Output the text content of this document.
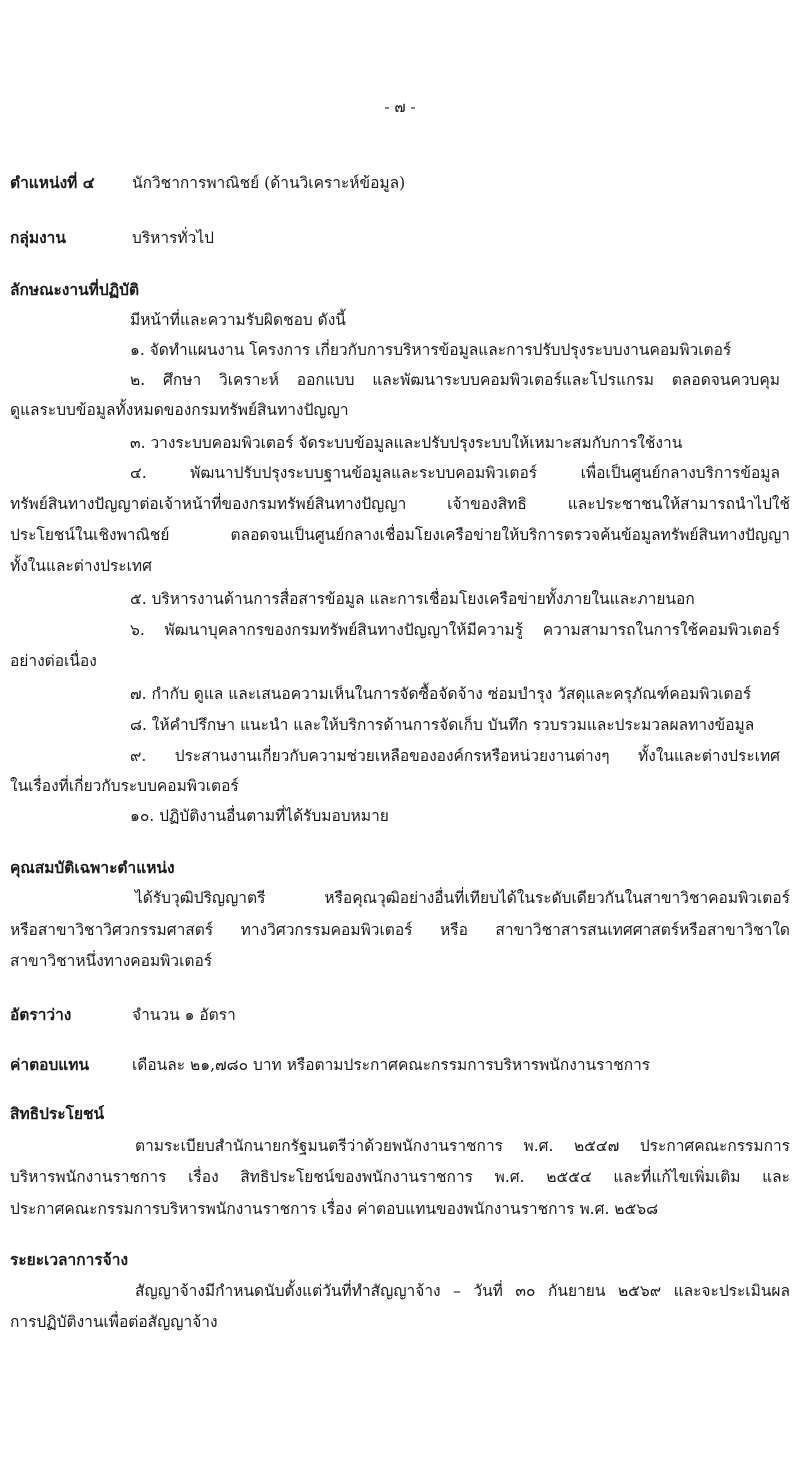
- ๗ -
ตำแหน่งที่ ๔ นักวิชาการพาณิชย์ (ด้านวิเคราะห์ข้อมูล)
กลุ่มงาน	บริหารทั่วไป
ลักษณะงานที่ปฏิบัติ
มีหน้าที่และความรับผิดชอบ ดังนี้
๑. จัดทำแผนงาน โครงการ เกี่ยวกับการบริหารข้อมูลและการปรับปรุงระบบงานคอมพิวเตอร์
๒. ศึกษา วิเคราะห์ ออกแบบ และพัฒนาระบบคอมพิวเตอร์และโปรแกรม ตลอดจนควบคุม
ดูแลระบบข้อมูลทั้งหมดของกรมทรัพย์สินทางปัญญา
๓. วางระบบคอมพิวเตอร์ จัดระบบข้อมูลและปรับปรุงระบบให้เหมาะสมกับการใช้งาน
๔. พัฒนาปรับปรุงระบบฐานข้อมูลและระบบคอมพิวเตอร์ เพื่อเป็นศูนย์กลางบริการข้อมูล
ทรัพย์สินทางปัญญาต่อเจ้าหน้าที่ของกรมทรัพย์สินทางปัญญา เจ้าของสิทธิ และประชาชนให้สามารถนำไปใช้
ประโยชน์ในเชิงพาณิชย์ ตลอดจนเป็นศูนย์กลางเชื่อมโยงเครือข่ายให้บริการตรวจค้นข้อมูลทรัพย์สินทางปัญญา
ทั้งในและต่างประเทศ
๕. บริหารงานด้านการสื่อสารข้อมูล และการเชื่อมโยงเครือข่ายทั้งภายในและภายนอก
๖. พัฒนาบุคลากรของกรมทรัพย์สินทางปัญญาให้มีความรู้ ความสามารถในการใช้คอมพิวเตอร์
อย่างต่อเนื่อง
๗. กำกับ ดูแล และเสนอความเห็นในการจัดซื้อจัดจ้าง ซ่อมบำรุง วัสดุและครุภัณฑ์คอมพิวเตอร์
๘. ให้คำปรึกษา แนะนำ และให้บริการด้านการจัดเก็บ บันทึก รวบรวมและประมวลผลทางข้อมูล
๙. ประสานงานเกี่ยวกับความช่วยเหลือขององค์กรหรือหน่วยงานต่างๆ ทั้งในและต่างประเทศ
ในเรื่องที่เกี่ยวกับระบบคอมพิวเตอร์
๑๐. ปฏิบัติงานอื่นตามที่ได้รับมอบหมาย
คุณสมบัติเฉพาะตำแหน่ง
ได้รับวุฒิปริญญาตรี หรือคุณวุฒิอย่างอื่นที่เทียบได้ในระดับเดียวกันในสาขาวิชาคอมพิวเตอร์
หรือสาขาวิชาวิศวกรรมศาสตร์ ทางวิศวกรรมคอมพิวเตอร์ หรือ สาขาวิชาสารสนเทศศาสตร์หรือสาขาวิชาใด
สาขาวิชาหนึ่งทางคอมพิวเตอร์
อัตราว่าง	จำนวน ๑ อัตรา
ค่าตอบแทน	เดือนละ ๒๑,๗๘๐ บาท หรือตามประกาศคณะกรรมการบริหารพนักงานราชการ
สิทธิประโยชน์
ตามระเบียบสำนักนายกรัฐมนตรีว่าด้วยพนักงานราชการ พ.ศ. ๒๕๔๗ ประกาศคณะกรรมการ
บริหารพนักงานราชการ เรื่อง สิทธิประโยชน์ของพนักงานราชการ พ.ศ. ๒๕๕๔ และที่แก้ไขเพิ่มเติม และ
ประกาศคณะกรรมการบริหารพนักงานราชการ เรื่อง ค่าตอบแทนของพนักงานราชการ พ.ศ. ๒๕๖๘
ระยะเวลาการจ้าง
สัญญาจ้างมีกำหนดนับตั้งแต่วันที่ทำสัญญาจ้าง – วันที่ ๓๐ กันยายน ๒๕๖๙ และจะประเมินผล
การปฏิบัติงานเพื่อต่อสัญญาจ้าง
